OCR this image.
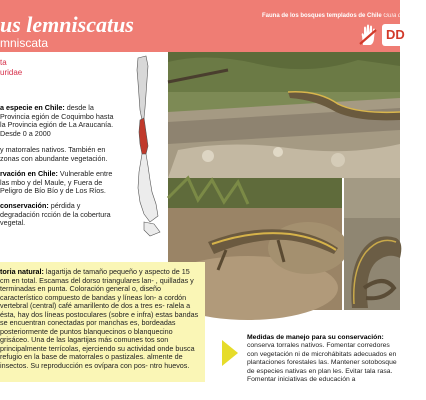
us lemniscatus
mniscata
Fauna de los bosques templados de Chile Guía de Campo
DD
ta
uridae
a especie en Chile: desde la Provincia egión de Coquimbo hasta la Provincia egión de La Araucanía. Desde 0 a 2000
y matorrales nativos. También en zonas con abundante vegetación.
rvación en Chile: Vulnerable entre las mbo y del Maule, y Fuera de Peligro de Bío Bío y de Los Ríos.
conservación: pérdida y degradación rcción de la cobertura vegetal.
toria natural: lagartija de tamaño pequeño y aspecto de 15 cm en total. Escamas del dorso triangulares lan- , quilladas y terminadas en punta. Coloración general o, diseño característico compuesto de bandas y líneas lon- a cordón vertebral (central) café amarillento de dos a tres es- ralela a ésta, hay dos líneas postoculares (sobre e infra) estas bandas se encuentran conectadas por manchas es, bordeadas posteriormente de puntos blanquecinos o blanquecino grisáceo. Una de las lagartijas más comunes tos son principalmente terrícolas, ejerciendo su actividad onde busca refugio en la base de matorrales o pastizales. almente de insectos. Su reproducción es ovípara con pos- ntro huevos.
Medidas de manejo para su conservación: conserva torrales nativos. Fomentar corredores con vegetación ni de microhábitats adecuados en plantaciones forestales las. Mantener sotobosque de especies nativas en plan les. Evitar tala rasa. Fomentar iniciativas de educación a
